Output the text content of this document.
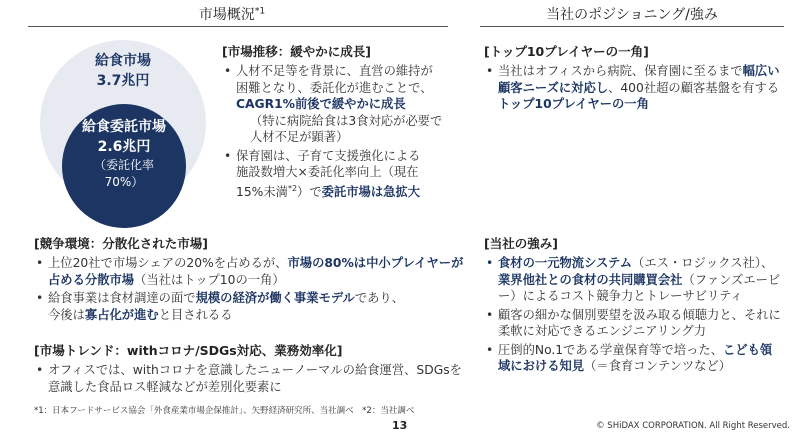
市場概況$^{*1}$	当社のポジショニング/強み
給食市場
3.7兆円
給食委託市場
2.6兆円
（委託化率
70%）
[市場推移：緩やかに成長]
• 人材不足等を背景に、直営の維持が
困難となり、委託化が進むことで、
CAGR1%前後で緩やかに成長
（特に病院給食は3食対応が必要で
人材不足が顕著）
• 保育園は、子育て支援強化による
施設数増大×委託化率向上（現在
15%未満$^{*2}$）で委託市場は急拡大
[トップ10プレイヤーの一角]
• 当社はオフィスから病院、保育園に至るまで幅広い顧客ニーズに対応し、400社超の顧客基盤を有するトップ10プレイヤーの一角
[競争環境：分散化された市場]
• 上位20社で市場シェアの20%を占めるが、市場の80%は中小プレイヤーが占める分散市場（当社はトップ10の一角）
• 給食事業は食材調達の面で規模の経済が働く事業モデルであり、
今後は寡占化が進むと目されるる
[市場トレンド：withコロナ/SDGs対応、業務効率化]
• オフィスでは、withコロナを意識したニューノーマルの給食運営、SDGsを
意識した食品ロス軽減などが差別化要素に
[当社の強み]
• 食材の一元物流システム（エス・ロジックス社）、業界他社との食材の共同購買会社（ファンズエービー）によるコスト競争力とトレーサビリティ
• 顧客の細かな個別要望を汲み取る傾聴力と、それに柔軟に対応できるエンジニアリング力
• 圧倒的No.1である学童保育等で培った、こども領域における知見（＝食育コンテンツなど）
*1：日本フードサービス協会「外食産業市場企保推計」、矢野経済研究所、当社調べ　*2：当社調べ
13	© SHiDAX CORPORATION. All Right Reserved.
